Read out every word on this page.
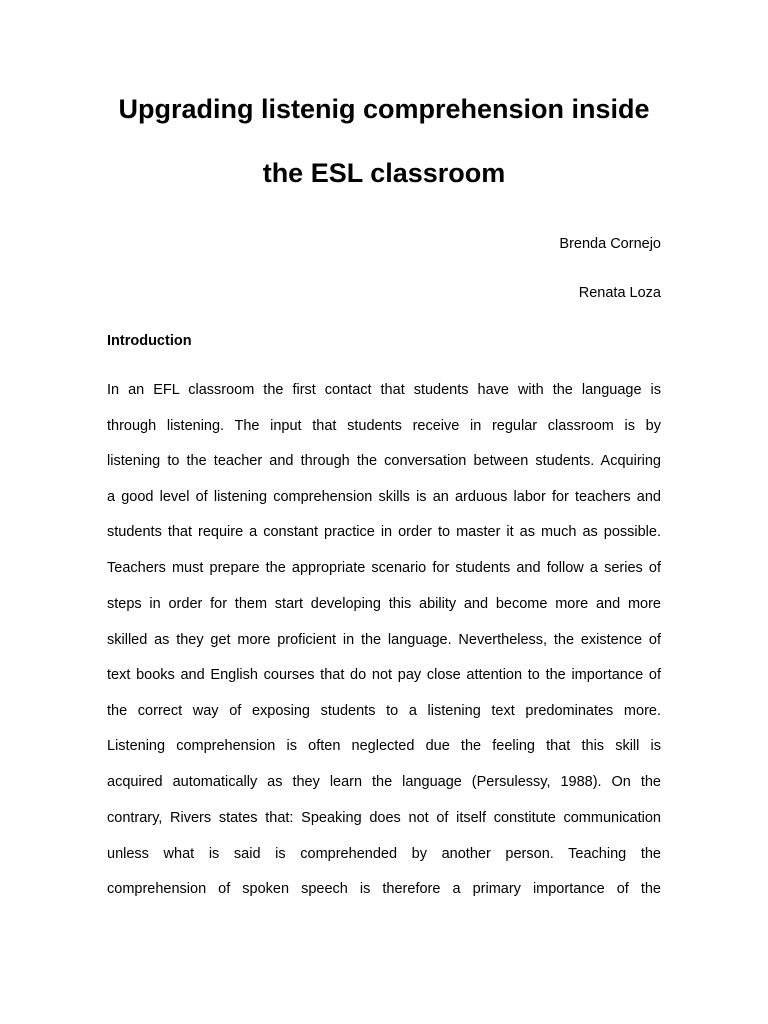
Upgrading listenig comprehension inside
the ESL classroom
Brenda Cornejo
Renata Loza
Introduction
In an EFL classroom the first contact that students have with the language is
through listening. The input that students receive in regular classroom is by
listening to the teacher and through the conversation between students. Acquiring
a good level of listening comprehension skills is an arduous labor for teachers and
students that require a constant practice in order to master it as much as possible.
Teachers must prepare the appropriate scenario for students and follow a series of
steps in order for them start developing this ability and become more and more
skilled as they get more proficient in the language. Nevertheless, the existence of
text books and English courses that do not pay close attention to the importance of
the correct way of exposing students to a listening text predominates more.
Listening comprehension is often neglected due the feeling that this skill is
acquired automatically as they learn the language (Persulessy, 1988). On the
contrary, Rivers states that: Speaking does not of itself constitute communication
unless what is said is comprehended by another person. Teaching the
comprehension of spoken speech is therefore a primary importance of the
